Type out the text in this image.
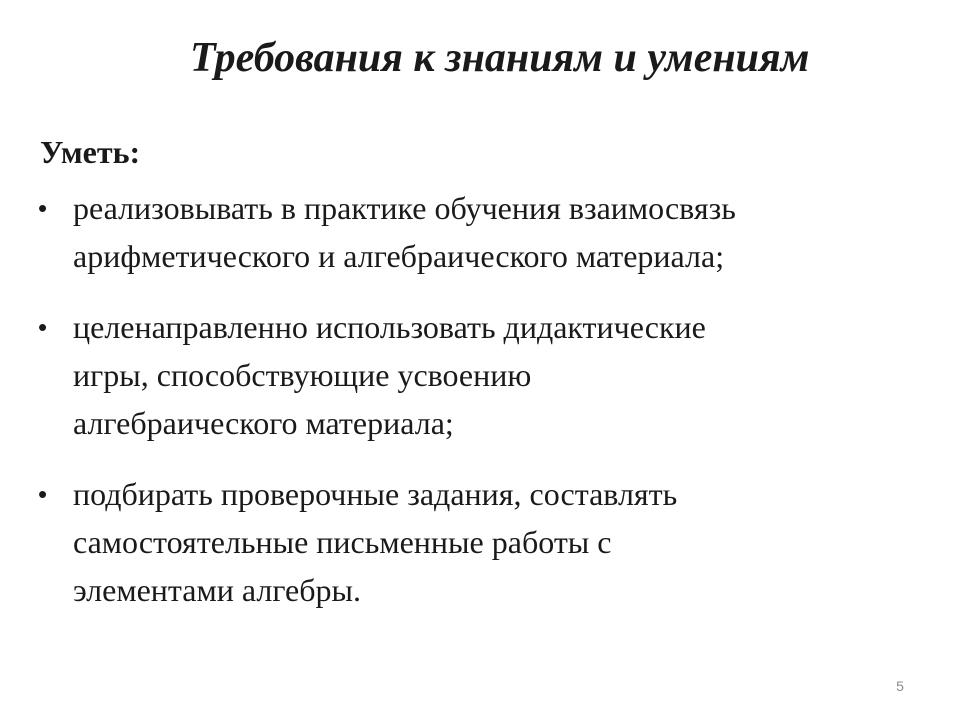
Требования к знаниям и умениям
Уметь:
• реализовывать в практике обучения взаимосвязь
арифметического и алгебраического материала;
• целенаправленно использовать дидактические
игры, способствующие усвоению
алгебраического материала;
• подбирать проверочные задания, составлять
самостоятельные письменные работы с
элементами алгебры.
5
